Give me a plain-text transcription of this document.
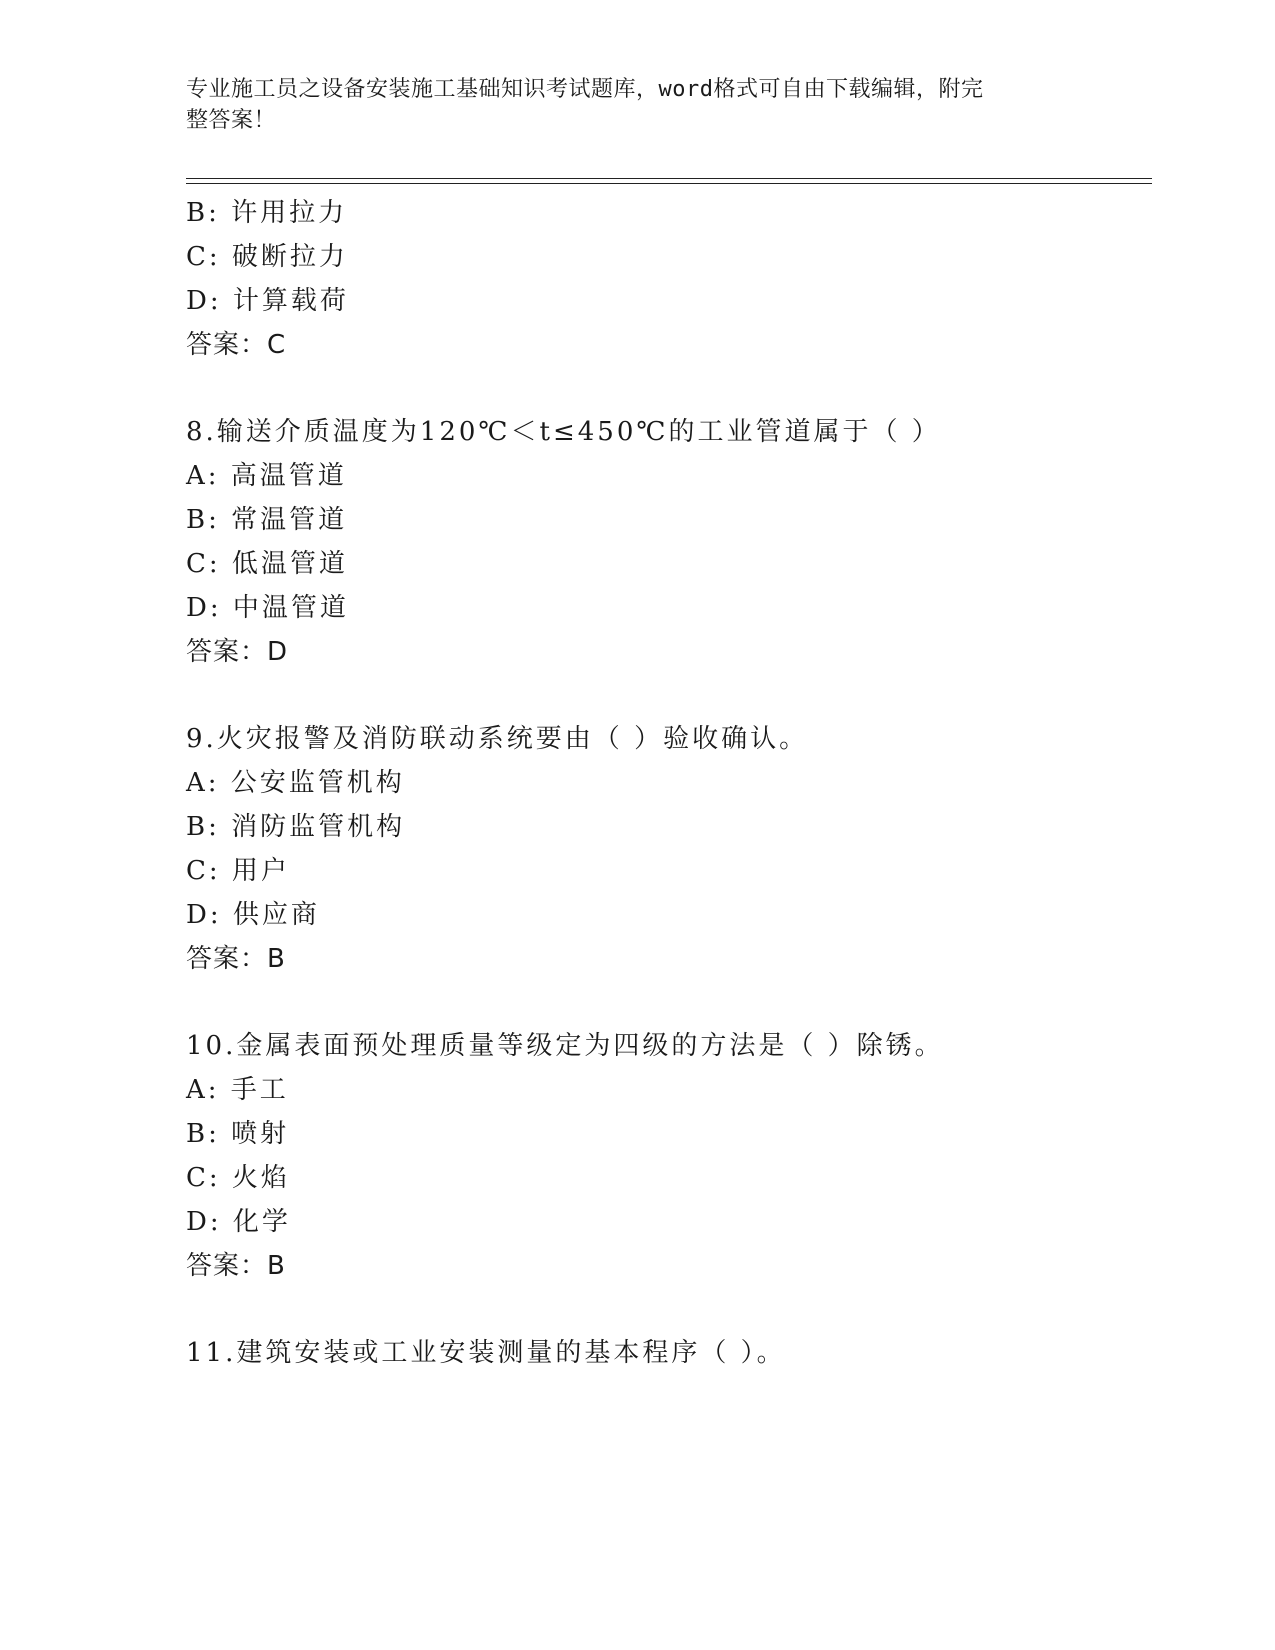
专业施工员之设备安装施工基础知识考试题库，word格式可自由下载编辑，附完
整答案！
B: 许用拉力
C: 破断拉力
D: 计算载荷
答案：C
8.输送介质温度为120℃＜t≤450℃的工业管道属于（ ）
A: 高温管道
B: 常温管道
C: 低温管道
D: 中温管道
答案：D
9.火灾报警及消防联动系统要由（ ）验收确认。
A: 公安监管机构
B: 消防监管机构
C: 用户
D: 供应商
答案：B
10.金属表面预处理质量等级定为四级的方法是（ ）除锈。
A: 手工
B: 喷射
C: 火焰
D: 化学
答案：B
11.建筑安装或工业安装测量的基本程序（ ）。
